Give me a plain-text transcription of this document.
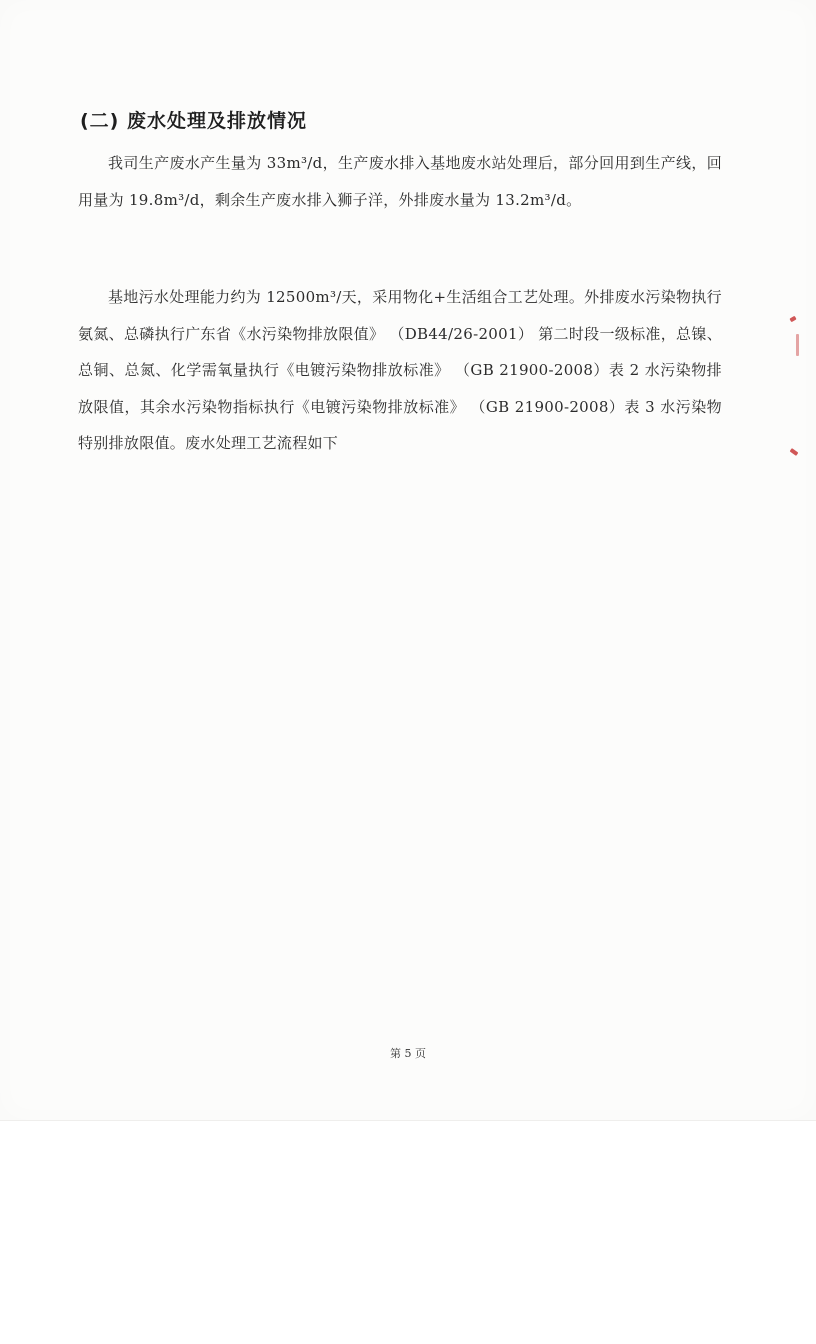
(二) 废水处理及排放情况

我司生产废水产生量为 33m³/d，生产废水排入基地废水站处理后，部分回用到生产线，回用量为 19.8m³/d，剩余生产废水排入狮子洋，外排废水量为 13.2m³/d。

基地污水处理能力约为 12500m³/天，采用物化+生活组合工艺处理。外排废水污染物执行氨氮、总磷执行广东省《水污染物排放限值》 （DB44/26-2001） 第二时段一级标准，总镍、总铜、总氮、化学需氧量执行《电镀污染物排放标准》 （GB 21900-2008）表 2 水污染物排放限值，其余水污染物指标执行《电镀污染物排放标准》 （GB 21900-2008）表 3 水污染物特别排放限值。废水处理工艺流程如下

第 5 页
